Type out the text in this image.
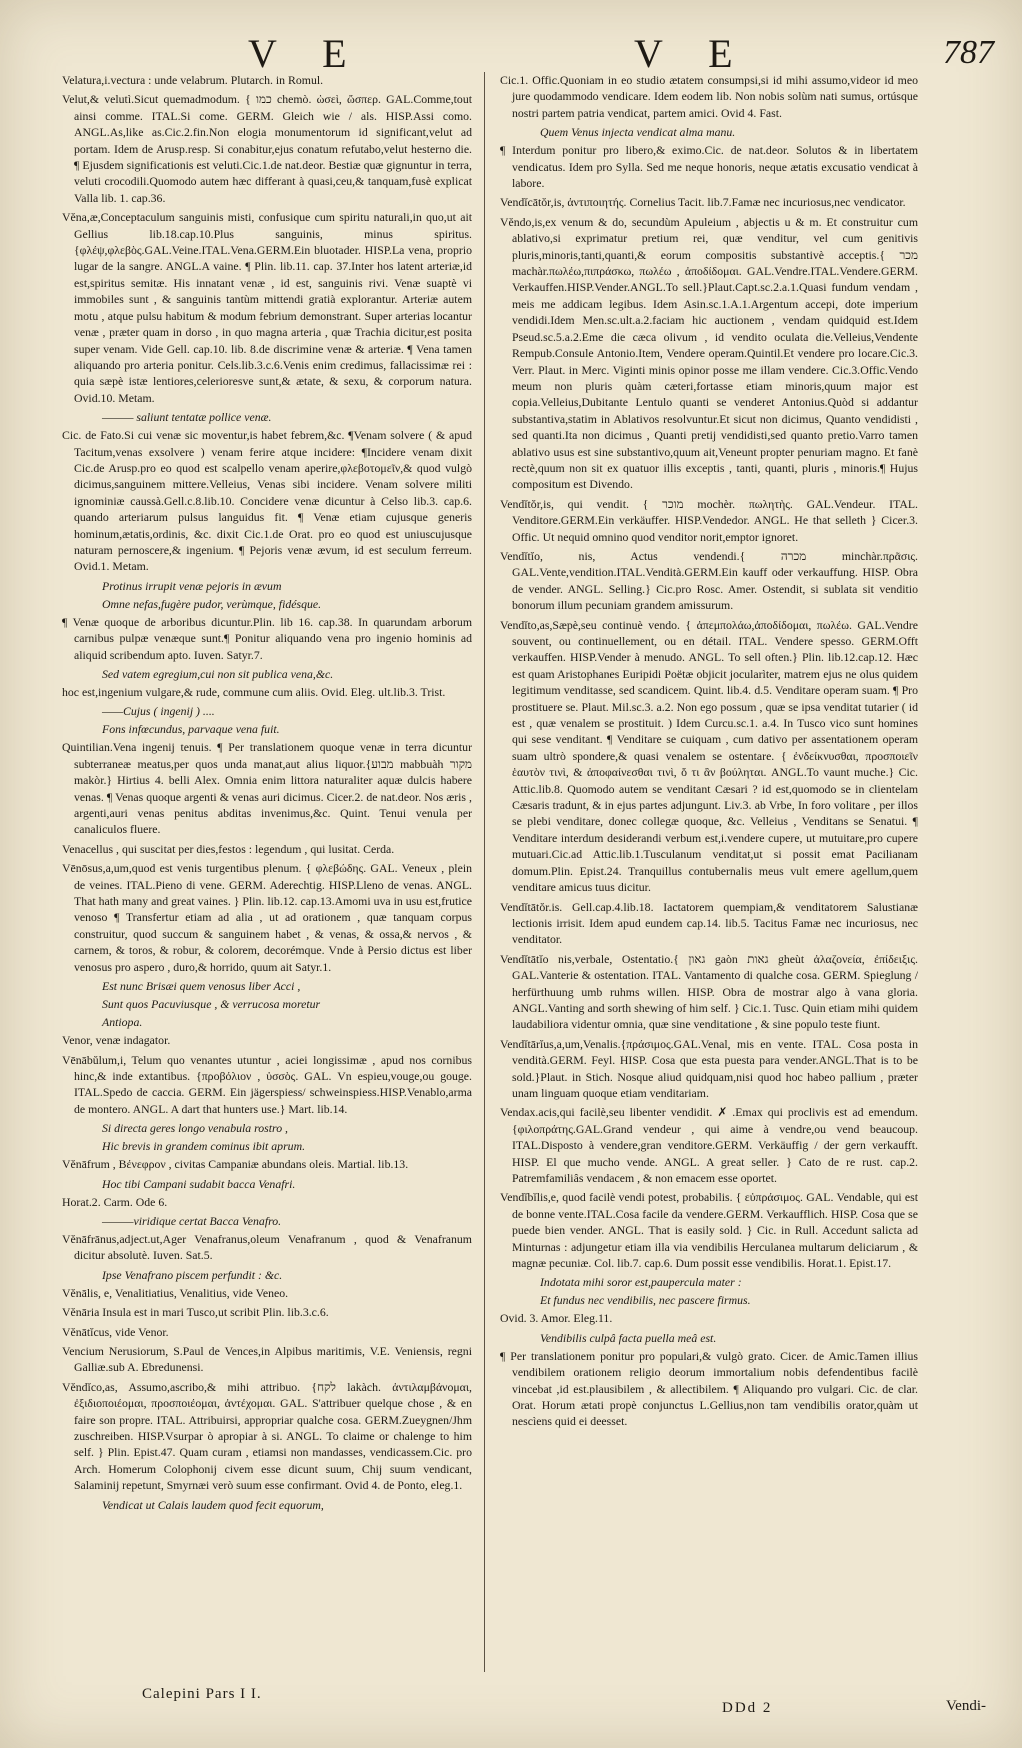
V E	V E	787

Velatura,i.vectura : unde velabrum. Plutarch. in Romul.

Velut,& velutì.Sicut quemadmodum. { כמו chemò. ὡσεὶ, ὥσπερ. GAL.Comme,tout ainsi comme. ITAL.Si come. GERM. Gleich wie / als. HISP.Assi como. ANGL.As,like as.Cic.2.fin.Non elogia monumentorum id significant,velut ad portam. Idem de Arusp.resp. Si conabitur,ejus conatum refutabo,velut hesterno die. ¶ Ejusdem significationis est veluti.Cic.1.de nat.deor. Bestiæ quæ gignuntur in terra, veluti crocodili.Quomodo autem hæc differant à quasi,ceu,& tanquam,fusè explicat Valla lib. 1. cap.36.

Vĕna,æ,Conceptaculum sanguinis misti, confusique cum spiritu naturali,in quo,ut ait Gellius lib.18.cap.10.Plus sanguinis, minus spiritus.{φλέψ,φλεβὸς.GAL.Veine.ITAL.Vena.GERM.Ein bluotader. HISP.La vena, proprio lugar de la sangre. ANGL.A vaine. ¶ Plin. lib.11. cap. 37.Inter hos latent arteriæ,id est,spiritus semitæ. His innatant venæ , id est, sanguinis rivi. Venæ suaptè vi immobiles sunt , & sanguinis tantùm mittendi gratià explorantur. Arteriæ autem motu , atque pulsu habitum & modum febrium demonstrant. Super arterias locantur venæ , præter quam in dorso , in quo magna arteria , quæ Trachia dicitur,est posita super venam. Vide Gell. cap.10. lib. 8.de discrimine venæ & arteriæ. ¶ Vena tamen aliquando pro arteria ponitur. Cels.lib.3.c.6.Venis enim credimus, fallacissimæ rei : quia sæpè istæ lentiores,celerioresve sunt,& ætate, & sexu, & corporum natura. Ovid.10. Metam.

——— saliunt tentatæ pollice venæ.

Cic. de Fato.Si cui venæ sic moventur,is habet febrem,&c. ¶Venam solvere ( & apud Tacitum,venas exsolvere ) venam ferire atque incidere: ¶Incidere venam dixit Cic.de Arusp.pro eo quod est scalpello venam aperire,φλεβοτομεῖν,& quod vulgò dicimus,sanguinem mittere.Velleius, Venas sibi incidere. Venam solvere militi ignominiæ caussà.Gell.c.8.lib.10. Concidere venæ dicuntur à Celso lib.3. cap.6. quando arteriarum pulsus languidus fit. ¶ Venæ etiam cujusque generis hominum,ætatis,ordinis, &c. dixit Cic.1.de Orat. pro eo quod est uniuscujusque naturam pernoscere,& ingenium. ¶ Pejoris venæ ævum, id est seculum ferreum. Ovid.1. Metam.

Protinus irrupit venæ pejoris in ævum

Omne nefas,fugère pudor, verùmque, fidésque.

¶ Venæ quoque de arboribus dicuntur.Plin. lib 16. cap.38. In quarundam arborum carnibus pulpæ venæque sunt.¶ Ponitur aliquando vena pro ingenio hominis ad aliquid scribendum apto. Iuven. Satyr.7.

Sed vatem egregium,cui non sit publica vena,&c.

hoc est,ingenium vulgare,& rude, commune cum aliis. Ovid. Eleg. ult.lib.3. Trist.

——Cujus ( ingenij ) ....

Fons infœcundus, parvaque vena fuit.

Quintilian.Vena ingenij tenuis. ¶ Per translationem quoque venæ in terra dicuntur subterraneæ meatus,per quos unda manat,aut alius liquor.{מבוע mabbuàh מקור makòr.} Hirtius 4. belli Alex. Omnia enim littora naturaliter aquæ dulcis habere venas. ¶ Venas quoque argenti & venas auri dicimus. Cicer.2. de nat.deor. Nos æris , argenti,auri venas penitus abditas invenimus,&c. Quint. Tenui venula per canaliculos fluere.

Venacellus , qui suscitat per dies,festos : legendum , qui lusitat. Cerda.

Vēnōsus,a,um,quod est venis turgentibus plenum. { φλεβώδης. GAL. Veneux , plein de veines. ITAL.Pieno di vene. GERM. Aderechtig. HISP.Lleno de venas. ANGL. That hath many and great vaines. } Plin. lib.12. cap.13.Amomi uva in usu est,frutice venoso ¶ Transfertur etiam ad alia , ut ad orationem , quæ tanquam corpus construitur, quod succum & sanguinem habet , & venas, & ossa,& nervos , & carnem, & toros, & robur, & colorem, decorémque. Vnde à Persio dictus est liber venosus pro aspero , duro,& horrido, quum ait Satyr.1.

Est nunc Brisæi quem venosus liber Acci ,

Sunt quos Pacuviusque , & verrucosa moretur

Antiopa.

Venor, venæ indagator.

Vēnābŭlum,i, Telum quo venantes utuntur , aciei longissimæ , apud nos cornibus hinc,& inde extantibus. {προβόλιον , ὑσσὸς. GAL. Vn espieu,vouge,ou gouge. ITAL.Spedo de caccia. GERM. Ein jägerspiess/ schweinspiess.HISP.Venablo,arma de montero. ANGL. A dart that hunters use.} Mart. lib.14.

Si directa geres longo venabula rostro ,

Hic brevis in grandem cominus ibit aprum.

Vĕnāfrum , Βένεφρον , civitas Campaniæ abundans oleis. Martial. lib.13.

Hoc tibi Campani sudabit bacca Venafri.

Horat.2. Carm. Ode 6.

———viridique certat Bacca Venafro.

Vĕnāfrānus,adject.ut,Ager Venafranus,oleum Venafranum , quod & Venafranum dicitur absolutè. Iuven. Sat.5.

Ipse Venafrano piscem perfundit : &c.

Vĕnālis, e, Venalitiatius, Venalitius, vide Veneo.

Vĕnāria Insula est in mari Tusco,ut scribit Plin. lib.3.c.6.

Vĕnātĭcus, vide Venor.

Vencium Nerusiorum, S.Paul de Vences,in Alpibus maritimis, V.E. Veniensis, regni Galliæ.sub A. Ebredunensi.

Vĕndĭco,as, Assumo,ascribo,& mihi attribuo. {לקח lakàch. ἀντιλαμβάνομαι, ἐξιδιοποιέομαι, προσποιέομαι, ἀντέχομαι. GAL. S'attribuer quelque chose , & en faire son propre. ITAL. Attribuirsi, appropriar qualche cosa. GERM.Zueygnen/Jhm zuschreiben. HISP.Vsurpar ò apropiar à si. ANGL. To claime or chalenge to him self. } Plin. Epist.47. Quam curam , etiamsi non mandasses, vendicassem.Cic. pro Arch. Homerum Colophonij civem esse dicunt suum, Chij suum vendicant, Salaminij repetunt, Smyrnæi verò suum esse confirmant. Ovid 4. de Ponto, eleg.1.

Vendicat ut Calais laudem quod fecit equorum,

Cic.1. Offic.Quoniam in eo studio ætatem consumpsi,si id mihi assumo,videor id meo jure quodammodo vendicare. Idem eodem lib. Non nobis solùm nati sumus, ortúsque nostri partem patria vendicat, partem amici. Ovid 4. Fast.

Quem Venus injecta vendicat alma manu.

¶ Interdum ponitur pro libero,& eximo.Cic. de nat.deor. Solutos & in libertatem vendicatus. Idem pro Sylla. Sed me neque honoris, neque ætatis excusatio vendicat à labore.

Vendĭcātŏr,is, ἀντιποιητής. Cornelius Tacit. lib.7.Famæ nec incuriosus,nec vendicator.

Vĕndo,is,ex venum & do, secundùm Apuleium , abjectis u & m. Et construitur cum ablativo,si exprimatur pretium rei, quæ venditur, vel cum genitivis pluris,minoris,tanti,quanti,& eorum compositis substantivè acceptis.{ מכר machàr.πωλέω,πιπράσκω, πωλέω , ἀποδίδομαι. GAL.Vendre.ITAL.Vendere.GERM. Verkauffen.HISP.Vender.ANGL.To sell.}Plaut.Capt.sc.2.a.1.Quasi fundum vendam , meis me addicam legibus. Idem Asin.sc.1.A.1.Argentum accepi, dote imperium vendidi.Idem Men.sc.ult.a.2.faciam hic auctionem , vendam quidquid est.Idem Pseud.sc.5.a.2.Eme die cæca olivum , id vendito oculata die.Velleius,Vendente Rempub.Consule Antonio.Item, Vendere operam.Quintil.Et vendere pro locare.Cic.3. Verr. Plaut. in Merc. Viginti minis opinor posse me illam vendere. Cic.3.Offic.Vendo meum non pluris quàm cæteri,fortasse etiam minoris,quum major est copia.Velleius,Dubitante Lentulo quanti se venderet Antonius.Quòd si addantur substantiva,statim in Ablativos resolvuntur.Et sicut non dicimus, Quanto vendidisti , sed quanti.Ita non dicimus , Quanti pretij vendidisti,sed quanto pretio.Varro tamen ablativo usus est sine substantivo,quum ait,Veneunt propter penuriam magno. Et fanè rectè,quum non sit ex quatuor illis exceptis , tanti, quanti, pluris , minoris.¶ Hujus compositum est Divendo.

Vendĭtŏr,is, qui vendit. { מוכר mochèr. πωλητὴς. GAL.Vendeur. ITAL. Venditore.GERM.Ein verkäuffer. HISP.Vendedor. ANGL. He that selleth } Cicer.3. Offic. Ut nequid omnino quod venditor norit,emptor ignoret.

Vendĭtĭo, nis, Actus vendendi.{ מכרה minchàr.πρᾶσις. GAL.Vente,vendition.ITAL.Vendità.GERM.Ein kauff oder verkauffung. HISP. Obra de vender. ANGL. Selling.} Cic.pro Rosc. Amer. Ostendit, si sublata sit venditio bonorum illum pecuniam grandem amissurum.

Vendĭto,as,Sæpè,seu continuè vendo. { ἀπεμπολάω,ἀποδίδομαι, πωλέω. GAL.Vendre souvent, ou continuellement, ou en détail. ITAL. Vendere spesso. GERM.Offt verkauffen. HISP.Vender à menudo. ANGL. To sell often.} Plin. lib.12.cap.12. Hæc est quam Aristophanes Euripidi Poëtæ objicit jocularìter, matrem ejus ne olus quidem legitimum venditasse, sed scandicem. Quint. lib.4. d.5. Venditare operam suam. ¶ Pro prostituere se. Plaut. Mil.sc.3. a.2. Non ego possum , quæ se ipsa venditat tutarier ( id est , quæ venalem se prostituit. ) Idem Curcu.sc.1. a.4. In Tusco vico sunt homines qui sese venditant. ¶ Venditare se cuiquam , cum dativo per assentationem operam suam ultrò spondere,& quasi venalem se ostentare. { ἐνδείκνυσθαι, προσποιεῖν ἑαυτὸν τινὶ, & ἀποφαίνεσθαι τινὶ, ὅ τι ἂν βούληται. ANGL.To vaunt muche.} Cic. Attic.lib.8. Quomodo autem se venditant Cæsari ? id est,quomodo se in clientelam Cæsaris tradunt, & in ejus partes adjungunt. Liv.3. ab Vrbe, In foro volitare , per illos se plebi venditare, donec collegæ quoque, &c. Velleius , Venditans se Senatui. ¶ Venditare interdum desiderandi verbum est,i.vendere cupere, ut mutuitare,pro cupere mutuari.Cic.ad Attic.lib.1.Tusculanum venditat,ut si possit emat Pacilianam domum.Plin. Epist.24. Tranquillus contubernalis meus vult emere agellum,quem venditare amicus tuus dicitur.

Vendĭtātŏr.is. Gell.cap.4.lib.18. Iactatorem quempiam,& venditatorem Salustianæ lectionis irrisit. Idem apud eundem cap.14. lib.5. Tacitus Famæ nec incuriosus, nec venditator.

Vendĭtātĭo nis,verbale, Ostentatio.{ גאון gaòn גאות gheùt ἀλαζονεία, ἐπίδειξις. GAL.Vanterie & ostentation. ITAL. Vantamento di qualche cosa. GERM. Spieglung / herfürthuung umb ruhms willen. HISP. Obra de mostrar algo à vana gloria. ANGL.Vanting and sorth shewing of him self. } Cic.1. Tusc. Quin etiam mihi quidem laudabiliora videntur omnia, quæ sine venditatione , & sine populo teste fiunt.

Vendĭtārĭus,a,um,Venalis.{πράσιμος.GAL.Venal, mis en vente. ITAL. Cosa posta in vendità.GERM. Feyl. HISP. Cosa que esta puesta para vender.ANGL.That is to be sold.}Plaut. in Stich. Nosque aliud quidquam,nisi quod hoc habeo pallium , præter unam linguam quoque etiam venditariam.

Vendax.acis,qui facilè,seu libenter vendidit. ✗ .Emax qui proclivis est ad emendum.{φιλοπράτης.GAL.Grand vendeur , qui aime à vendre,ou vend beaucoup. ITAL.Disposto à vendere,gran venditore.GERM. Verkäuffig / der gern verkaufft. HISP. El que mucho vende. ANGL. A great seller. } Cato de re rust. cap.2. Patremfamiliâs vendacem , & non emacem esse oportet.

Vendĭbĭlis,e, quod facilè vendi potest, probabilis. { εὐπράσιμος. GAL. Vendable, qui est de bonne vente.ITAL.Cosa facile da vendere.GERM. Verkaufflich. HISP. Cosa que se puede bien vender. ANGL. That is easily sold. } Cic. in Rull. Accedunt salicta ad Minturnas : adjungetur etiam illa via vendibilis Herculanea multarum deliciarum , & magnæ pecuniæ. Col. lib.7. cap.6. Dum possit esse vendibilis. Horat.1. Epist.17.

Indotata mihi soror est,paupercula mater :

Et fundus nec vendibilis, nec pascere firmus.

Ovid. 3. Amor. Eleg.11.

Vendibilis culpâ facta puella meâ est.

¶ Per translationem ponitur pro populari,& vulgò grato. Cicer. de Amic.Tamen illius vendibilem orationem religio deorum immortalium nobis defendentibus facilè vincebat ,id est.plausibilem , & allectibilem. ¶ Aliquando pro vulgari. Cic. de clar. Orat. Horum ætati propè conjunctus L.Gellius,non tam vendibilis orator,quàm ut nescìens quid ei deesset.

Calepini Pars I I.
DDd 2	Vendi-
